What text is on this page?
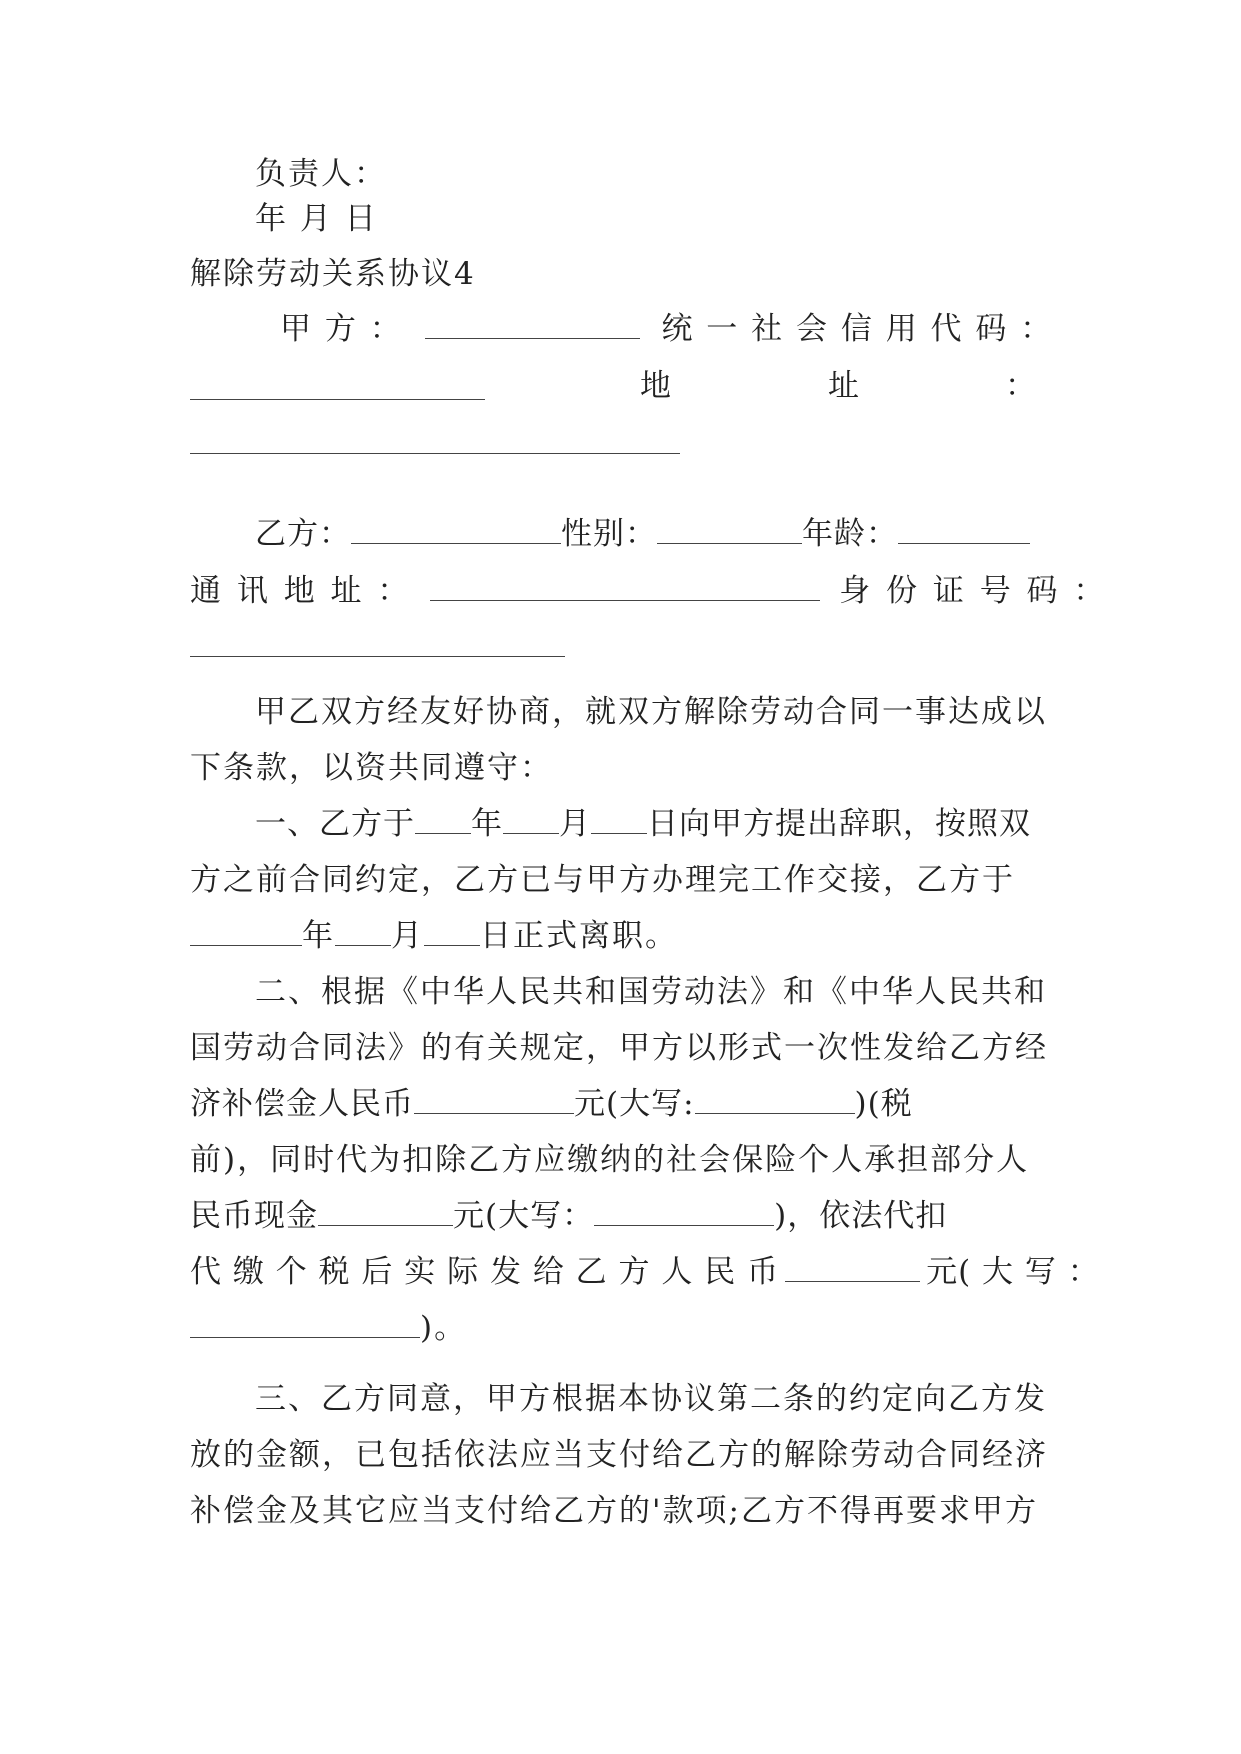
负责人：
年 月 日
解除劳动关系协议4
甲 方 ：	统 一 社 会 信 用 代 码 ：
地	址	：
乙方：	性别：	年龄：
通 讯 地 址 ：	身 份 证 号 码 ：
甲乙双方经友好协商，就双方解除劳动合同一事达成以
下条款，以资共同遵守：
一、乙方于 年 月 日向甲方提出辞职，按照双
方之前合同约定，乙方已与甲方办理完工作交接，乙方于
年 月 日正式离职。
二、根据《中华人民共和国劳动法》和《中华人民共和
国劳动合同法》的有关规定，甲方以形式一次性发给乙方经
济补偿金人民币	元(大写:	)(税
前)，同时代为扣除乙方应缴纳的社会保险个人承担部分人
民币现金	元(大写：	)，依法代扣
代 缴 个 税 后 实 际 发 给 乙 方 人 民 币	元( 大 写 ：
)。
三、乙方同意，甲方根据本协议第二条的约定向乙方发
放的金额，已包括依法应当支付给乙方的解除劳动合同经济
补偿金及其它应当支付给乙方的'款项;乙方不得再要求甲方
